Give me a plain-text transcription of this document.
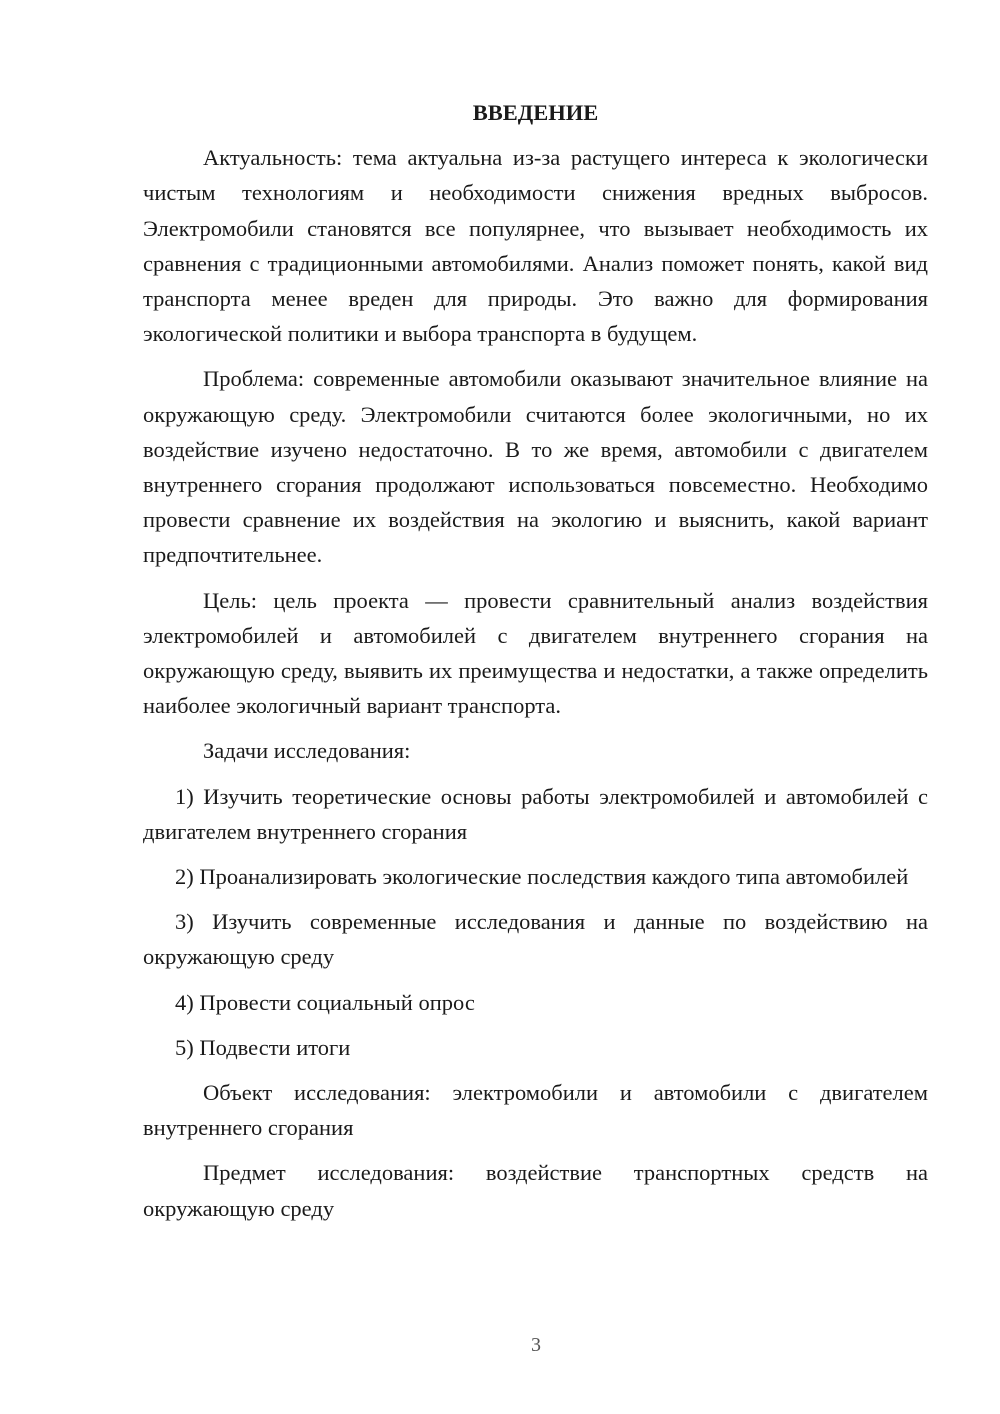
ВВЕДЕНИЕ

Актуальность: тема актуальна из-за растущего интереса к экологически чистым технологиям и необходимости снижения вредных выбросов. Электромобили становятся все популярнее, что вызывает необходимость их сравнения с традиционными автомобилями. Анализ поможет понять, какой вид транспорта менее вреден для природы. Это важно для формирования экологической политики и выбора транспорта в будущем.

Проблема: современные автомобили оказывают значительное влияние на окружающую среду. Электромобили считаются более экологичными, но их воздействие изучено недостаточно. В то же время, автомобили с двигателем внутреннего сгорания продолжают использоваться повсеместно. Необходимо провести сравнение их воздействия на экологию и выяснить, какой вариант предпочтительнее.

Цель: цель проекта — провести сравнительный анализ воздействия электромобилей и автомобилей с двигателем внутреннего сгорания на окружающую среду, выявить их преимущества и недостатки, а также определить наиболее экологичный вариант транспорта.

Задачи исследования:

1) Изучить теоретические основы работы электромобилей и автомобилей с двигателем внутреннего сгорания

2) Проанализировать экологические последствия каждого типа автомобилей

3) Изучить современные исследования и данные по воздействию на окружающую среду

4) Провести социальный опрос

5) Подвести итоги

Объект исследования: электромобили и автомобили с двигателем внутреннего сгорания

Предмет исследования: воздействие транспортных средств на окружающую среду

3
